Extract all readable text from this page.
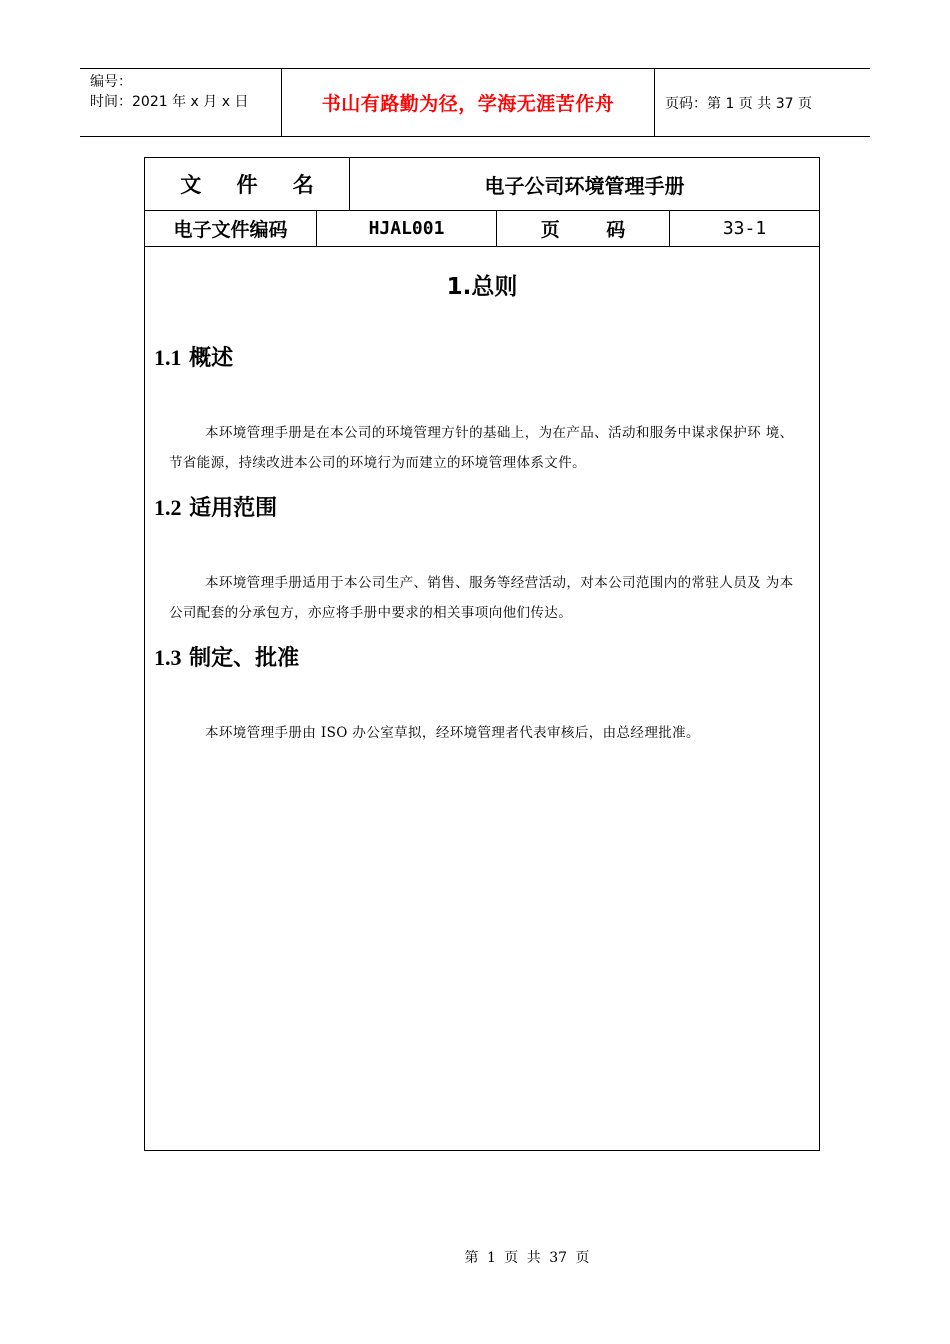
编号：
时间：2021 年 x 月 x 日	书山有路勤为径，学海无涯苦作舟	页码：第 1 页 共 37 页
文 件 名	电子公司环境管理手册
电子文件编码	HJAL001	页 码	33-1
1.总则
1.1 概述
本环境管理手册是在本公司的环境管理方针的基础上，为在产品、活动和服务中谋求保护环 境、节省能源，持续改进本公司的环境行为而建立的环境管理体系文件。
1.2 适用范围
本环境管理手册适用于本公司生产、销售、服务等经营活动，对本公司范围内的常驻人员及 为本公司配套的分承包方，亦应将手册中要求的相关事项向他们传达。
1.3 制定、批准
本环境管理手册由 ISO 办公室草拟，经环境管理者代表审核后，由总经理批准。
第 1 页 共 37 页
